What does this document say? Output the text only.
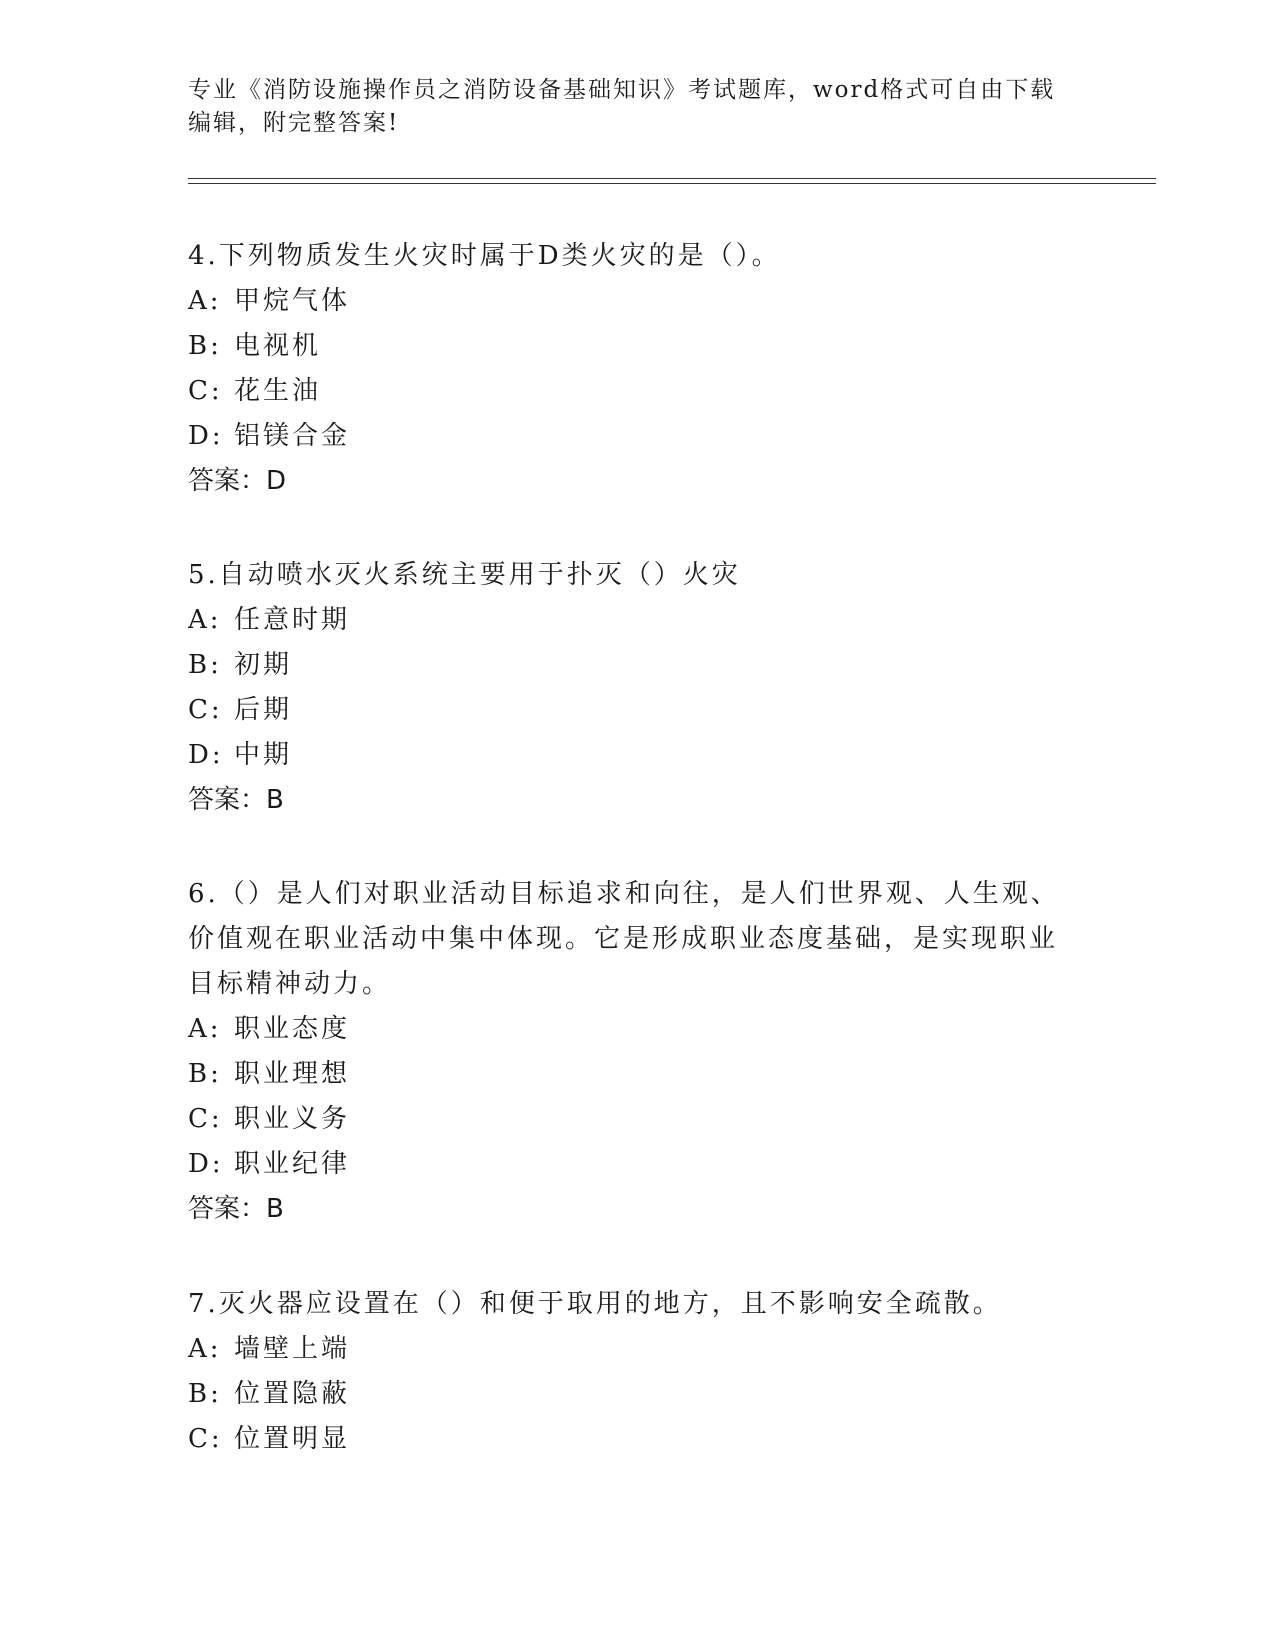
专业《消防设施操作员之消防设备基础知识》考试题库，word格式可自由下载编辑，附完整答案!
4.下列物质发生火灾时属于D类火灾的是（）。
A: 甲烷气体
B: 电视机
C: 花生油
D: 铝镁合金
答案：D
5.自动喷水灭火系统主要用于扑灭（）火灾
A: 任意时期
B: 初期
C: 后期
D: 中期
答案：B
6.（）是人们对职业活动目标追求和向往，是人们世界观、人生观、价值观在职业活动中集中体现。它是形成职业态度基础，是实现职业目标精神动力。
A: 职业态度
B: 职业理想
C: 职业义务
D: 职业纪律
答案：B
7.灭火器应设置在（）和便于取用的地方，且不影响安全疏散。
A: 墙壁上端
B: 位置隐蔽
C: 位置明显
